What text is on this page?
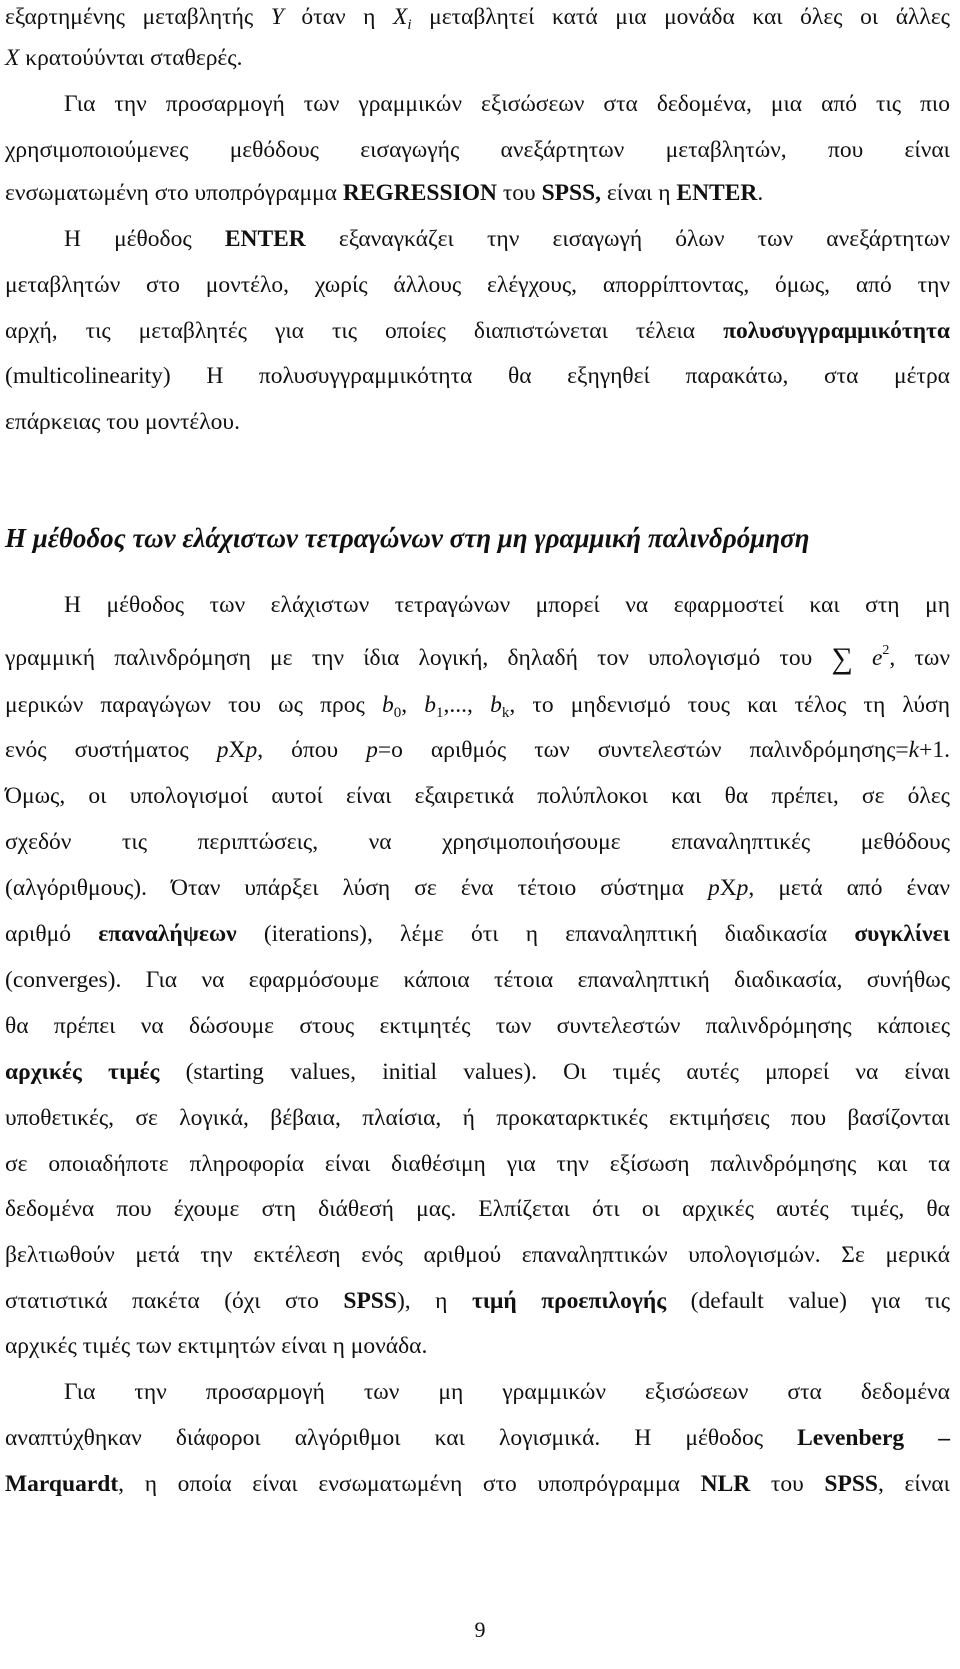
εξαρτημένης μεταβλητής Y όταν η $X_i$ μεταβλητεί κατά μια μονάδα και όλες οι άλλες
X κρατούύνται σταθερές.
Για την προσαρμογή των γραμμικών εξισώσεων στα δεδομένα, μια από τις πιο
χρησιμοποιούμενες μεθόδους εισαγωγής ανεξάρτητων μεταβλητών, που είναι
ενσωματωμένη στο υποπρόγραμμα REGRESSION του SPSS, είναι η ENTER.
Η μέθοδος ENTER εξαναγκάζει την εισαγωγή όλων των ανεξάρτητων
μεταβλητών στο μοντέλο, χωρίς άλλους ελέγχους, απορρίπτοντας, όμως, από την
αρχή, τις μεταβλητές για τις οποίες διαπιστώνεται τέλεια πολυσυγγραμμικότητα
(multicolinearity) Η πολυσυγγραμμικότητα θα εξηγηθεί παρακάτω, στα μέτρα
επάρκειας του μοντέλου.
Η μέθοδος των ελάχιστων τετραγώνων στη μη γραμμική παλινδρόμηση
Η μέθοδος των ελάχιστων τετραγώνων μπορεί να εφαρμοστεί και στη μη
γραμμική παλινδρόμηση με την ίδια λογική, δηλαδή τον υπολογισμό του ∑ $e^2$, των
μερικών παραγώγων του ως προς $b_0$, $b_1$,..., $b_k$, το μηδενισμό τους και τέλος τη λύση
ενός συστήματος pXp, όπου p=ο αριθμός των συντελεστών παλινδρόμησης=k+1.
Όμως, οι υπολογισμοί αυτοί είναι εξαιρετικά πολύπλοκοι και θα πρέπει, σε όλες
σχεδόν τις περιπτώσεις, να χρησιμοποιήσουμε επαναληπτικές μεθόδους
(αλγόριθμους). Όταν υπάρξει λύση σε ένα τέτοιο σύστημα pXp, μετά από έναν
αριθμό επαναλήψεων (iterations), λέμε ότι η επαναληπτική διαδικασία συγκλίνει
(converges). Για να εφαρμόσουμε κάποια τέτοια επαναληπτική διαδικασία, συνήθως
θα πρέπει να δώσουμε στους εκτιμητές των συντελεστών παλινδρόμησης κάποιες
αρχικές τιμές (starting values, initial values). Οι τιμές αυτές μπορεί να είναι
υποθετικές, σε λογικά, βέβαια, πλαίσια, ή προκαταρκτικές εκτιμήσεις που βασίζονται
σε οποιαδήποτε πληροφορία είναι διαθέσιμη για την εξίσωση παλινδρόμησης και τα
δεδομένα που έχουμε στη διάθεσή μας. Ελπίζεται ότι οι αρχικές αυτές τιμές, θα
βελτιωθούν μετά την εκτέλεση ενός αριθμού επαναληπτικών υπολογισμών. Σε μερικά
στατιστικά πακέτα (όχι στο SPSS), η τιμή προεπιλογής (default value) για τις
αρχικές τιμές των εκτιμητών είναι η μονάδα.
Για την προσαρμογή των μη γραμμικών εξισώσεων στα δεδομένα
αναπτύχθηκαν διάφοροι αλγόριθμοι και λογισμικά. Η μέθοδος Levenberg –
Marquardt, η οποία είναι ενσωματωμένη στο υποπρόγραμμα NLR του SPSS, είναι
9
